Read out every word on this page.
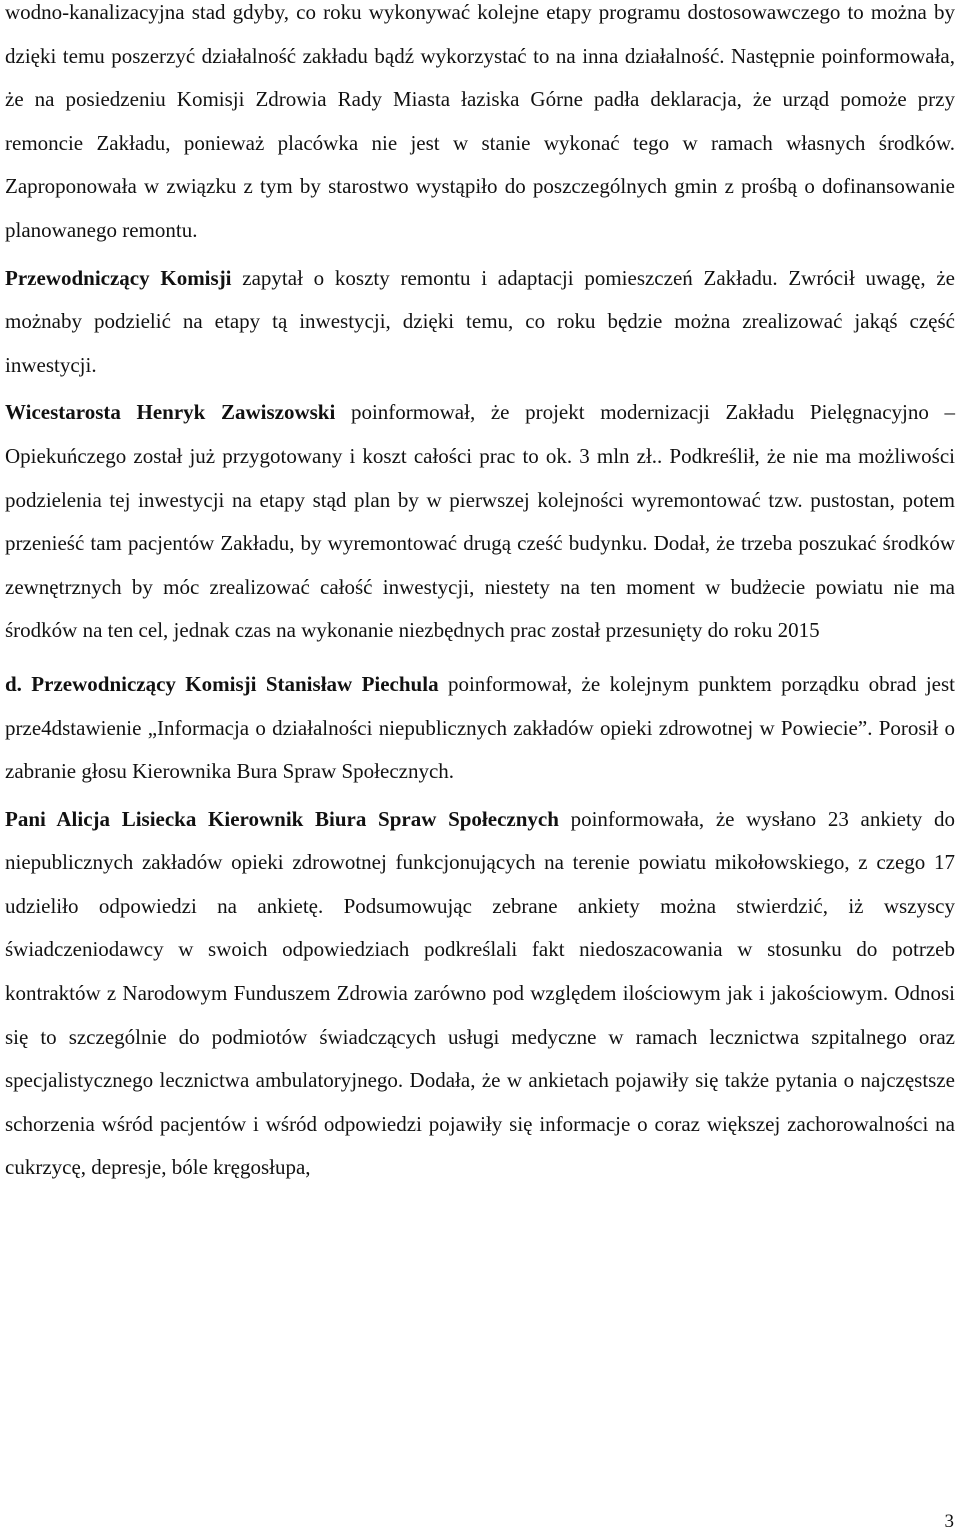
wodno-kanalizacyjna stad gdyby, co roku wykonywać kolejne etapy programu dostosowawczego to można by dzięki temu poszerzyć działalność zakładu bądź wykorzystać to na inna działalność. Następnie poinformowała, że na posiedzeniu Komisji Zdrowia Rady Miasta łaziska Górne padła deklaracja, że urząd pomoże przy remoncie Zakładu, ponieważ placówka nie jest w stanie wykonać tego w ramach własnych środków. Zaproponowała w związku z tym by starostwo wystąpiło do poszczególnych gmin z prośbą o dofinansowanie planowanego remontu.

Przewodniczący Komisji zapytał o koszty remontu i adaptacji pomieszczeń Zakładu. Zwrócił uwagę, że możnaby podzielić na etapy tą inwestycji, dzięki temu, co roku będzie można zrealizować jakąś część inwestycji.

Wicestarosta Henryk Zawiszowski poinformował, że projekt modernizacji Zakładu Pielęgnacyjno – Opiekuńczego został już przygotowany i koszt całości prac to ok. 3 mln zł.. Podkreślił, że nie ma możliwości podzielenia tej inwestycji na etapy stąd plan by w pierwszej kolejności wyremontować tzw. pustostan, potem przenieść tam pacjentów Zakładu, by wyremontować drugą cześć budynku. Dodał, że trzeba poszukać środków zewnętrznych by móc zrealizować całość inwestycji, niestety na ten moment w budżecie powiatu nie ma środków na ten cel, jednak czas na wykonanie niezbędnych prac został przesunięty do roku 2015

d. Przewodniczący Komisji Stanisław Piechula poinformował, że kolejnym punktem porządku obrad jest prze4dstawienie „Informacja o działalności niepublicznych zakładów opieki zdrowotnej w Powiecie”. Porosił o zabranie głosu Kierownika Bura Spraw Społecznych.

Pani Alicja Lisiecka Kierownik Biura Spraw Społecznych poinformowała, że wysłano 23 ankiety do niepublicznych zakładów opieki zdrowotnej funkcjonujących na terenie powiatu mikołowskiego, z czego 17 udzieliło odpowiedzi na ankietę. Podsumowując zebrane ankiety można stwierdzić, iż wszyscy świadczeniodawcy w swoich odpowiedziach podkreślali fakt niedoszacowania w stosunku do potrzeb kontraktów z Narodowym Funduszem Zdrowia zarówno pod względem ilościowym jak i jakościowym. Odnosi się to szczególnie do podmiotów świadczących usługi medyczne w ramach lecznictwa szpitalnego oraz specjalistycznego lecznictwa ambulatoryjnego. Dodała, że w ankietach pojawiły się także pytania o najczęstsze schorzenia wśród pacjentów i wśród odpowiedzi pojawiły się informacje o coraz większej zachorowalności na cukrzycę, depresje, bóle kręgosłupa,

3
